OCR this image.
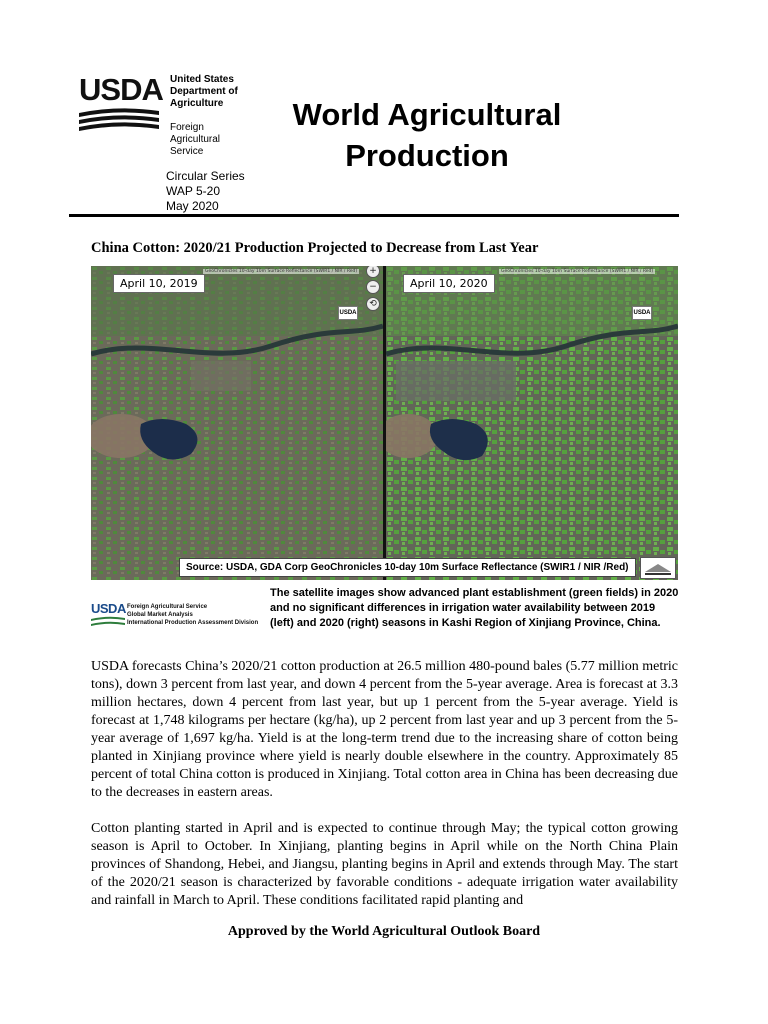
USDA United States
Department of
Agriculture
Foreign
Agricultural
Service
Circular Series
WAP 5-20
May 2020
World Agricultural
Production
China Cotton: 2020/21 Production Projected to Decrease from Last Year
GeoChronicles 10-day 10m Surface Reflectance (SWIR1 / NIR / Red)	GeoChronicles 10-day 10m Surface Reflectance (SWIR1 / NIR / Red)
April 10, 2019	April 10, 2020
USDA	USDA
+
−
⟲
Source: USDA, GDA Corp GeoChronicles 10-day 10m Surface Reflectance (SWIR1 / NIR /Red)
USDA Foreign Agricultural Service
Global Market Analysis
International Production Assessment Division
The satellite images show advanced plant establishment (green fields) in 2020 and no significant differences in irrigation water availability between 2019 (left) and 2020 (right) seasons in Kashi Region of Xinjiang Province, China.
USDA forecasts China’s 2020/21 cotton production at 26.5 million 480-pound bales (5.77 million metric tons), down 3 percent from last year, and down 4 percent from the 5-year average. Area is forecast at 3.3 million hectares, down 4 percent from last year, but up 1 percent from the 5-year average. Yield is forecast at 1,748 kilograms per hectare (kg/ha), up 2 percent from last year and up 3 percent from the 5-year average of 1,697 kg/ha. Yield is at the long-term trend due to the increasing share of cotton being planted in Xinjiang province where yield is nearly double elsewhere in the country. Approximately 85 percent of total China cotton is produced in Xinjiang. Total cotton area in China has been decreasing due to the decreases in eastern areas.
Cotton planting started in April and is expected to continue through May; the typical cotton growing season is April to October. In Xinjiang, planting begins in April while on the North China Plain provinces of Shandong, Hebei, and Jiangsu, planting begins in April and extends through May. The start of the 2020/21 season is characterized by favorable conditions - adequate irrigation water availability and rainfall in March to April. These conditions facilitated rapid planting and
Approved by the World Agricultural Outlook Board
